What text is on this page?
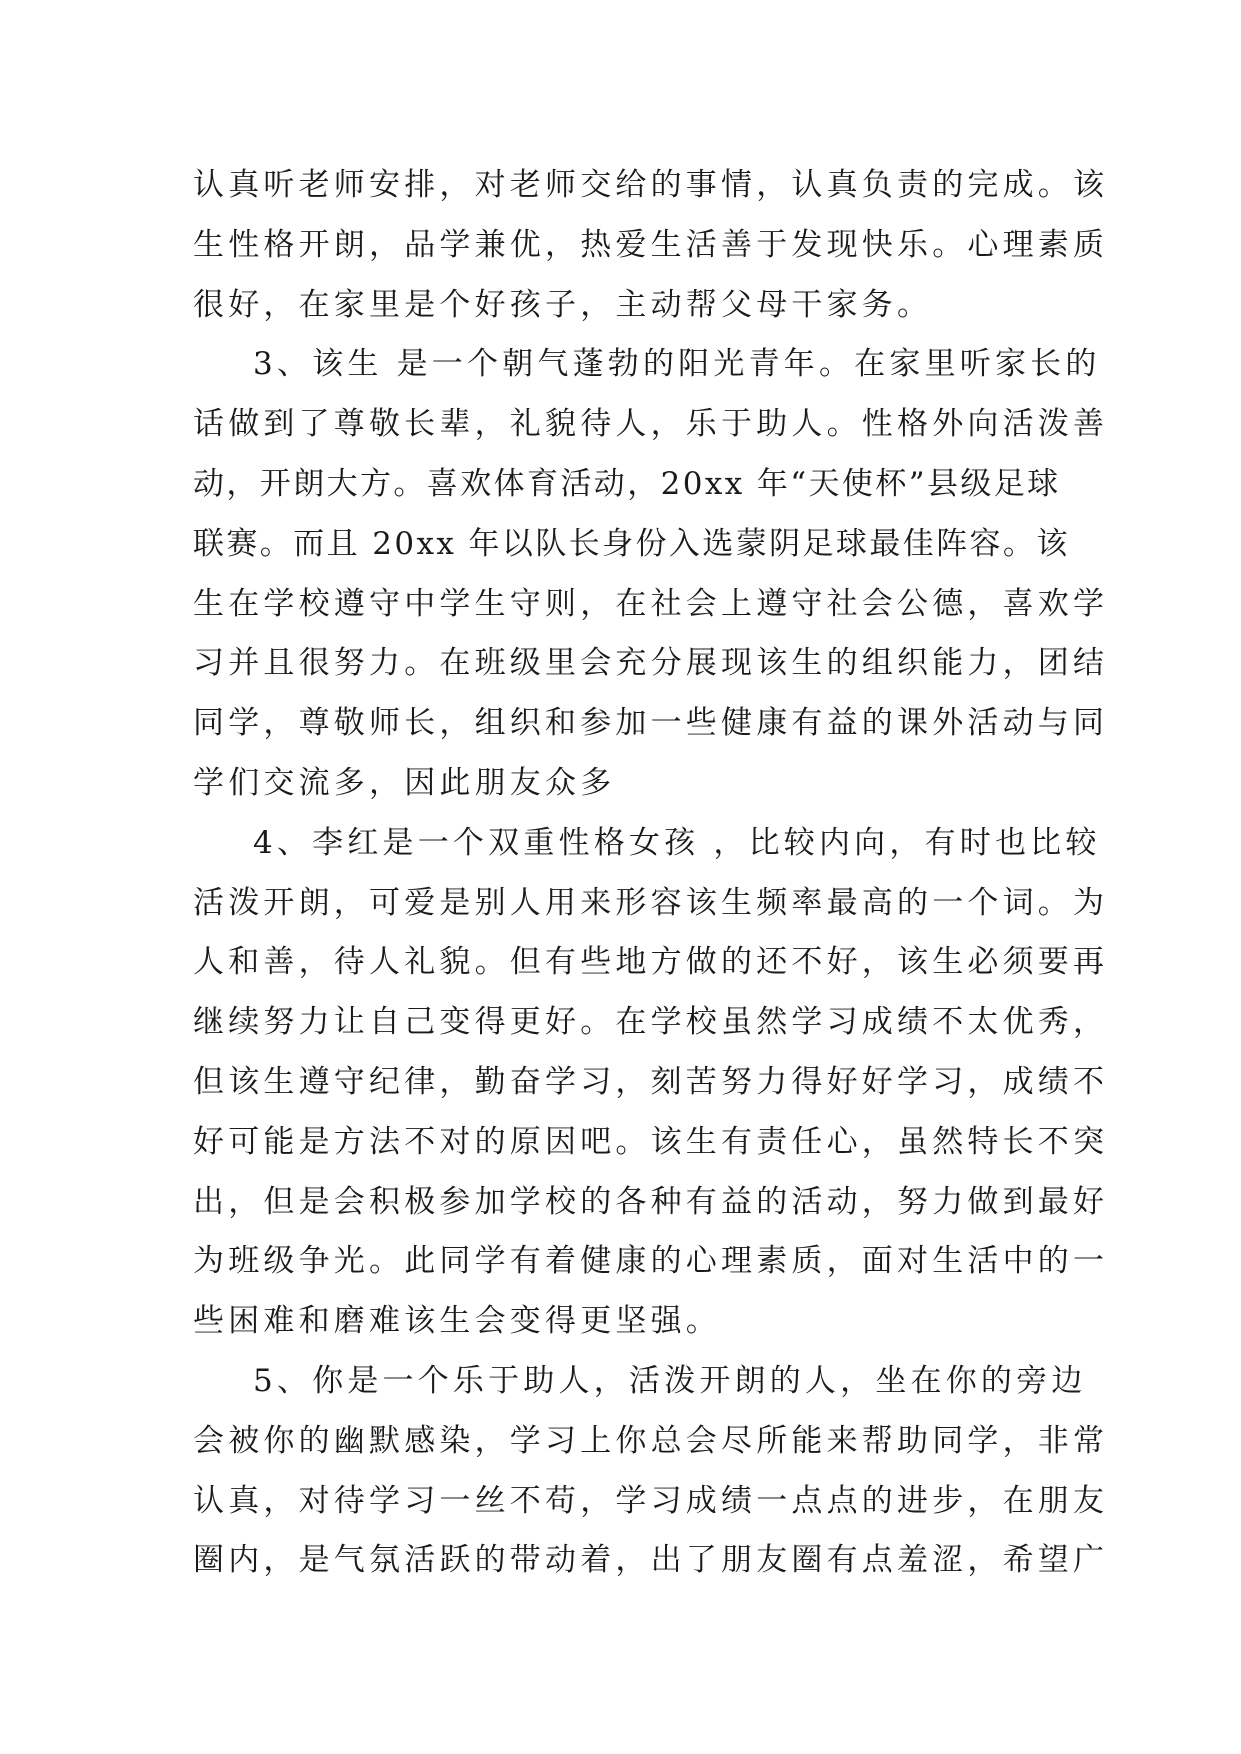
认真听老师安排，对老师交给的事情，认真负责的完成。该
生性格开朗，品学兼优，热爱生活善于发现快乐。心理素质
很好，在家里是个好孩子，主动帮父母干家务。
3、该生 是一个朝气蓬勃的阳光青年。在家里听家长的
话做到了尊敬长辈，礼貌待人，乐于助人。性格外向活泼善
动，开朗大方。喜欢体育活动，20xx 年“天使杯”县级足球
联赛。而且 20xx 年以队长身份入选蒙阴足球最佳阵容。该
生在学校遵守中学生守则，在社会上遵守社会公德，喜欢学
习并且很努力。在班级里会充分展现该生的组织能力，团结
同学，尊敬师长，组织和参加一些健康有益的课外活动与同
学们交流多，因此朋友众多
4、李红是一个双重性格女孩 ，比较内向，有时也比较
活泼开朗，可爱是别人用来形容该生频率最高的一个词。为
人和善，待人礼貌。但有些地方做的还不好，该生必须要再
继续努力让自己变得更好。在学校虽然学习成绩不太优秀，
但该生遵守纪律，勤奋学习，刻苦努力得好好学习，成绩不
好可能是方法不对的原因吧。该生有责任心，虽然特长不突
出，但是会积极参加学校的各种有益的活动，努力做到最好
为班级争光。此同学有着健康的心理素质，面对生活中的一
些困难和磨难该生会变得更坚强。
5、你是一个乐于助人，活泼开朗的人，坐在你的旁边
会被你的幽默感染，学习上你总会尽所能来帮助同学，非常
认真，对待学习一丝不苟，学习成绩一点点的进步，在朋友
圈内，是气氛活跃的带动着，出了朋友圈有点羞涩，希望广
